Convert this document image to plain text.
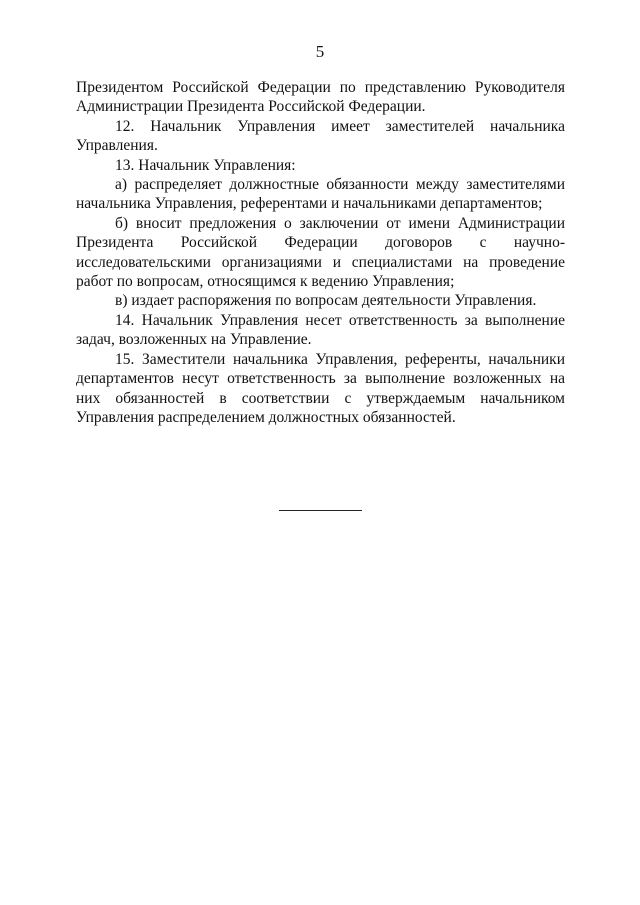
5

Президентом Российской Федерации по представлению Руководителя Администрации Президента Российской Федерации.

12. Начальник Управления имеет заместителей начальника Управления.

13. Начальник Управления:

а) распределяет должностные обязанности между заместителями начальника Управления, референтами и начальниками департаментов;

б) вносит предложения о заключении от имени Администрации Президента Российской Федерации договоров с научно-исследовательскими организациями и специалистами на проведение работ по вопросам, относящимся к ведению Управления;

в) издает распоряжения по вопросам деятельности Управления.

14. Начальник Управления несет ответственность за выполнение задач, возложенных на Управление.

15. Заместители начальника Управления, референты, начальники департаментов несут ответственность за выполнение возложенных на них обязанностей в соответствии с утверждаемым начальником Управления распределением должностных обязанностей.
